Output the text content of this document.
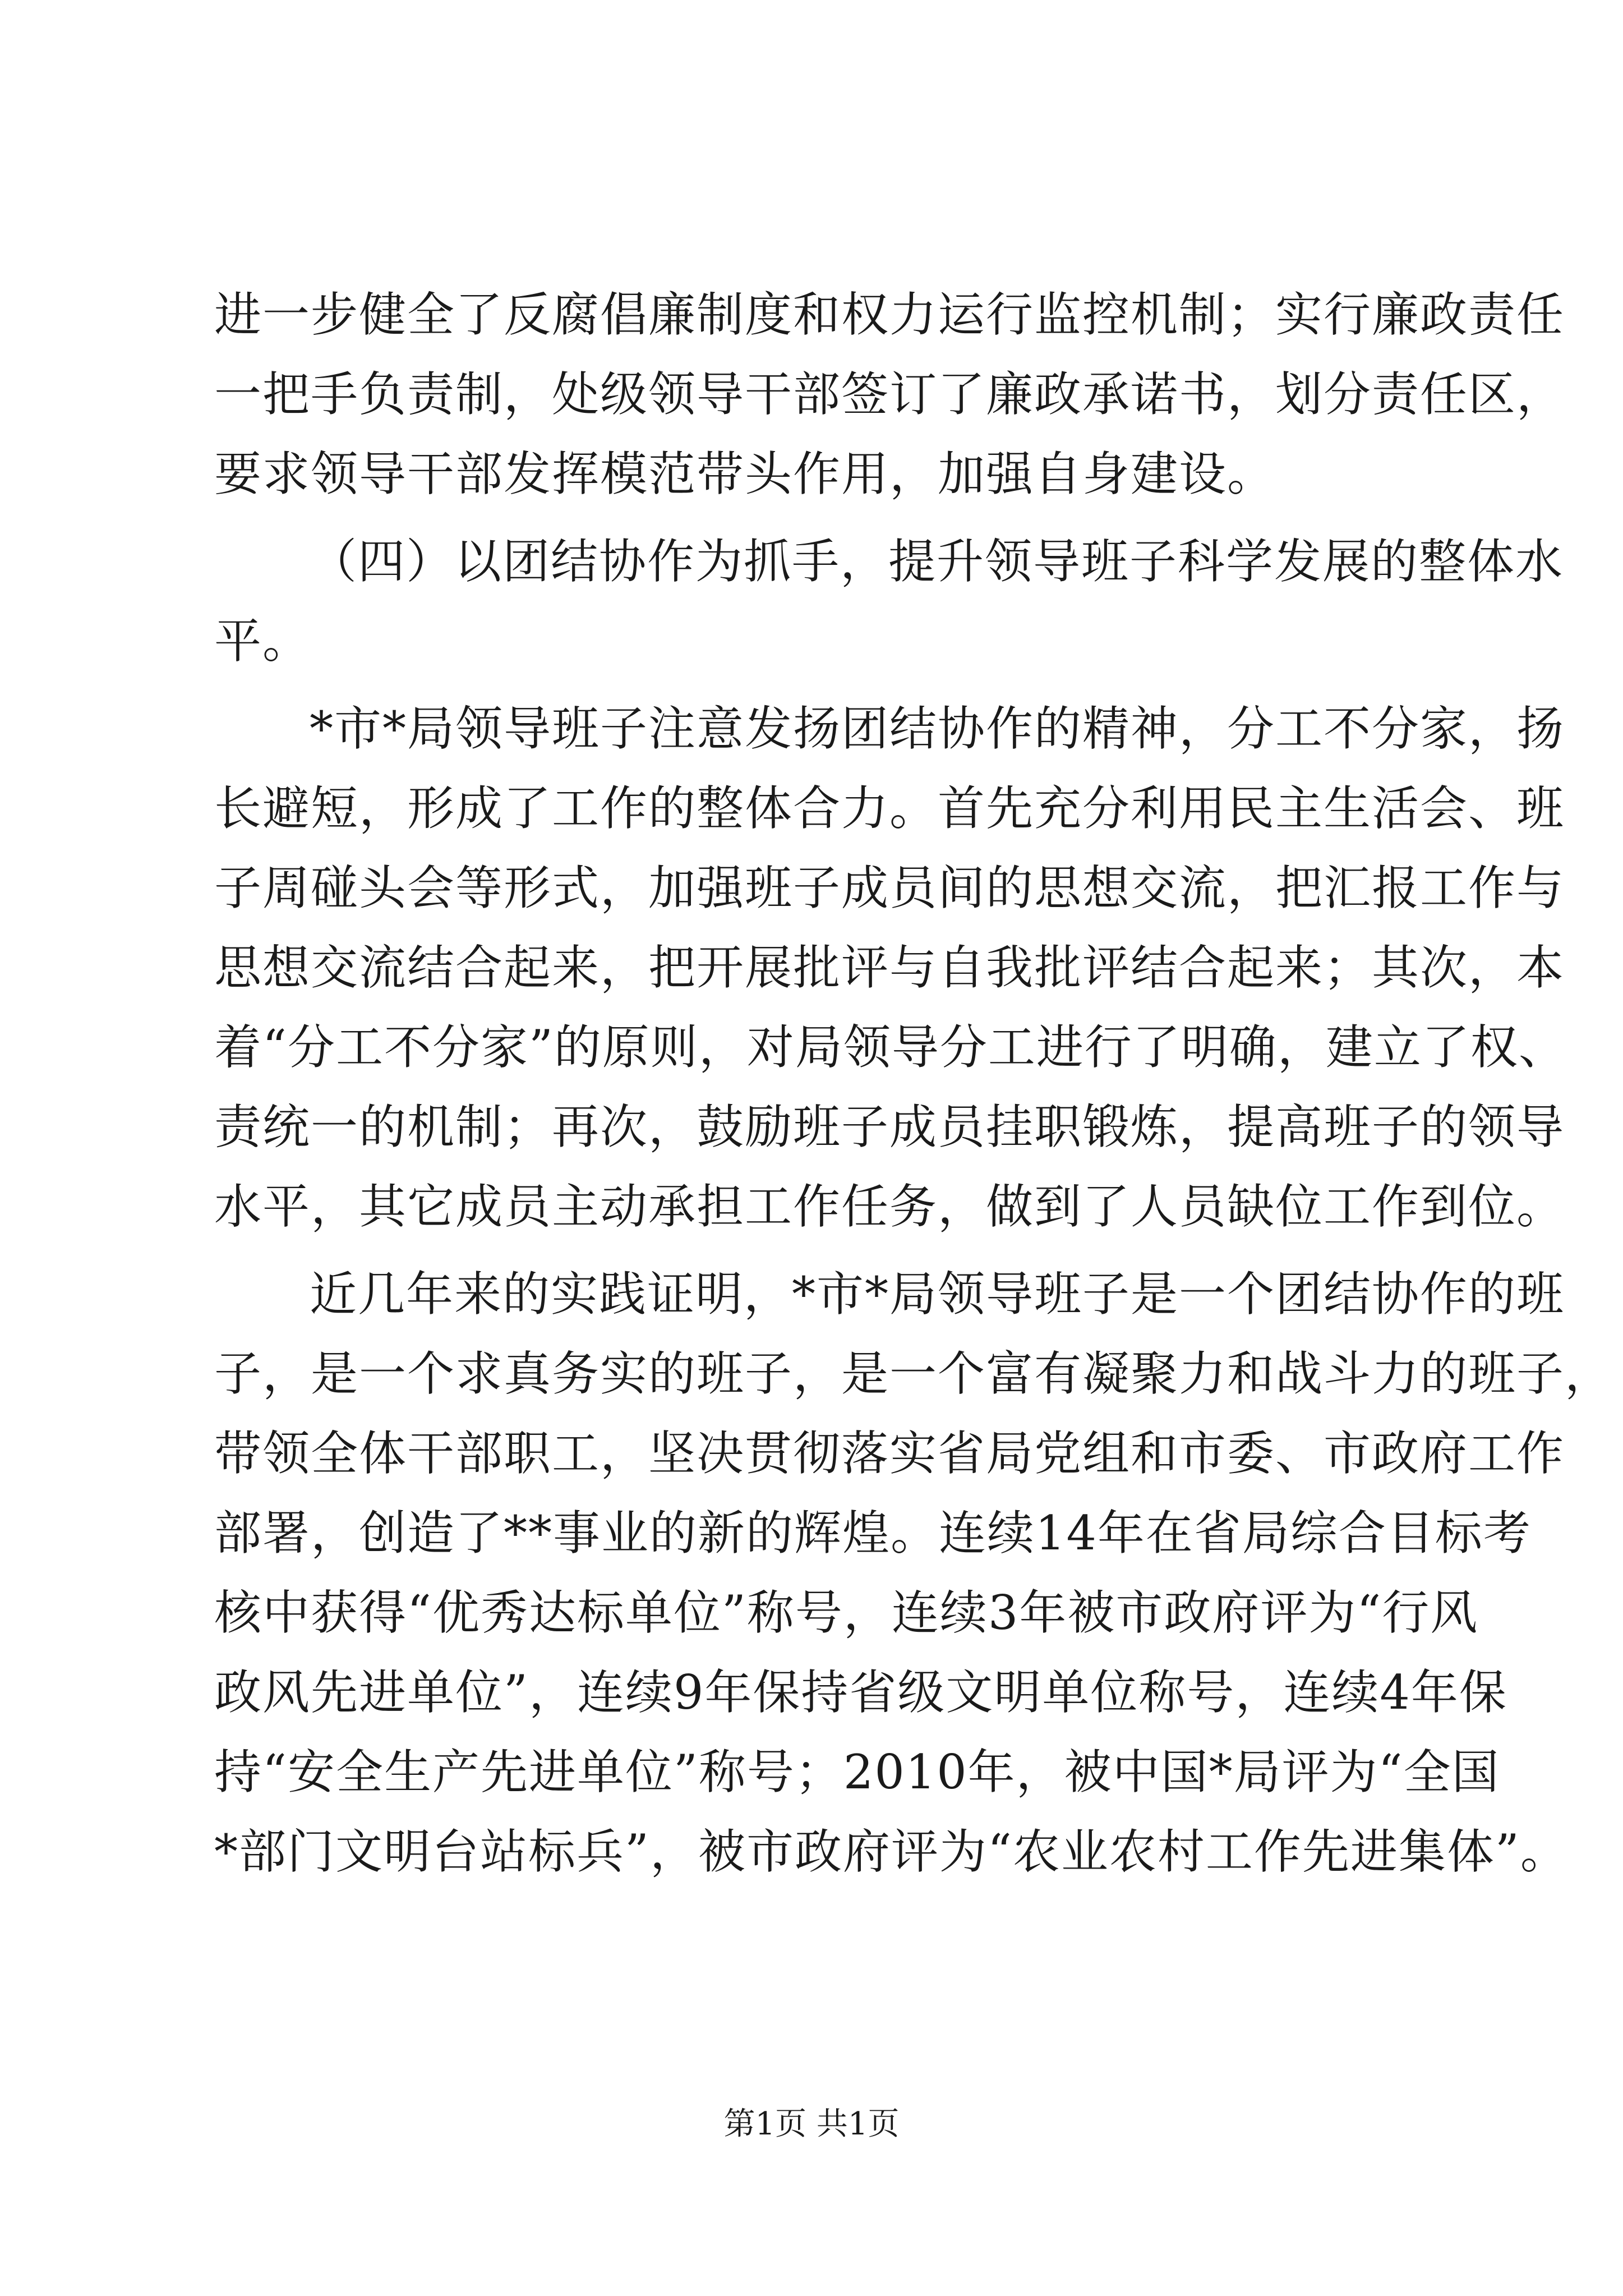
进一步健全了反腐倡廉制度和权力运行监控机制；实行廉政责任
一把手负责制，处级领导干部签订了廉政承诺书，划分责任区，
要求领导干部发挥模范带头作用，加强自身建设。
（四）以团结协作为抓手，提升领导班子科学发展的整体水
平。
*市*局领导班子注意发扬团结协作的精神，分工不分家，扬
长避短，形成了工作的整体合力。首先充分利用民主生活会、班
子周碰头会等形式，加强班子成员间的思想交流，把汇报工作与
思想交流结合起来，把开展批评与自我批评结合起来；其次，本
着“分工不分家”的原则，对局领导分工进行了明确，建立了权、
责统一的机制；再次，鼓励班子成员挂职锻炼，提高班子的领导
水平，其它成员主动承担工作任务，做到了人员缺位工作到位。
近几年来的实践证明，*市*局领导班子是一个团结协作的班
子，是一个求真务实的班子，是一个富有凝聚力和战斗力的班子，
带领全体干部职工，坚决贯彻落实省局党组和市委、市政府工作
部署，创造了**事业的新的辉煌。连续14年在省局综合目标考
核中获得“优秀达标单位”称号，连续3年被市政府评为“行风
政风先进单位”，连续9年保持省级文明单位称号，连续4年保
持“安全生产先进单位”称号；2010年，被中国*局评为“全国
*部门文明台站标兵”，被市政府评为“农业农村工作先进集体”。
第1页 共1页
